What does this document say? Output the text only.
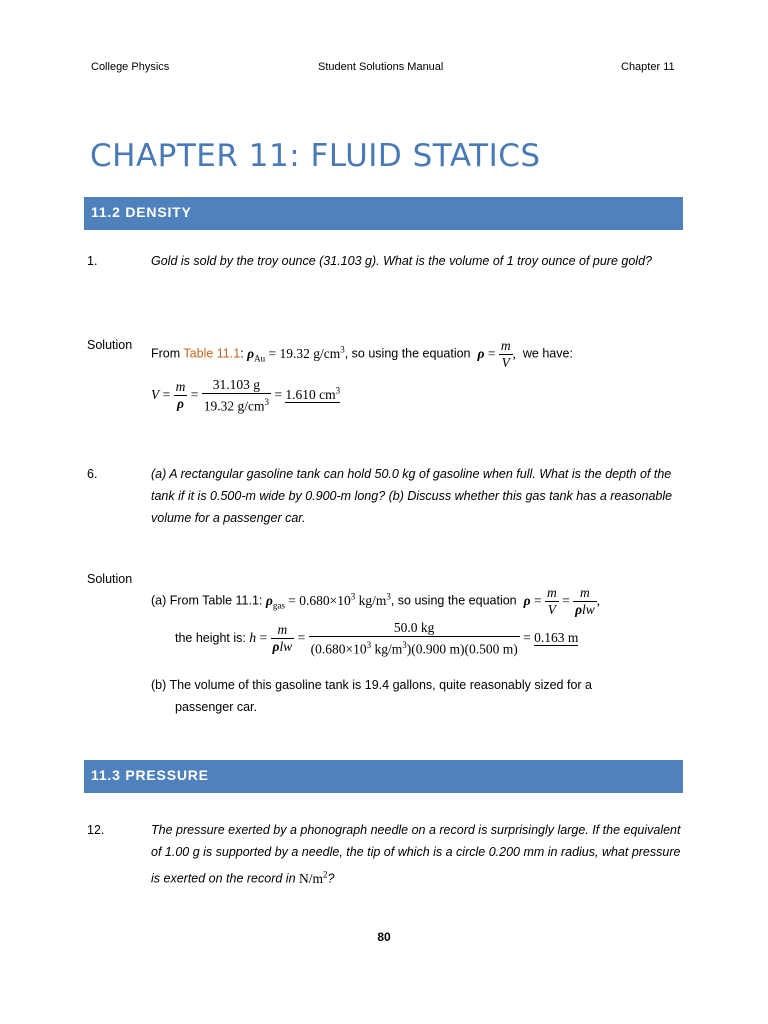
College Physics	Student Solutions Manual	Chapter 11
CHAPTER 11: FLUID STATICS
11.2 DENSITY
1.	Gold is sold by the troy ounce (31.103 g). What is the volume of 1 troy ounce of pure gold?
Solution
From Table 11.1: $\rho_{Au} = 19.32$ $g/cm^3$, so using the equation $\rho = \frac{m}{V}$ , we have:
$V = \frac{m}{\rho} = \frac{31.103 g}{19.32 g/cm^3} = 1.610$ $cm^3$
6.	(a) A rectangular gasoline tank can hold 50.0 kg of gasoline when full. What is the depth of the tank if it is 0.500-m wide by 0.900-m long? (b) Discuss whether this gas tank has a reasonable volume for a passenger car.
Solution
(a) From Table 11.1: $\rho_{gas} = 0.680\times 10^3$ $kg/m^3$, so using the equation $\rho = \frac{m}{V} = \frac{m}{\text{ρlw}}$ ,
the height is: $h = \frac{m}{\text{ρlw}} = \frac{50.0 kg}{(0.680\times 10^3 kg/m^3)(0.900 m)(0.500 m)} = 0.163$ m
(b) The volume of this gasoline tank is 19.4 gallons, quite reasonably sized for a
passenger car.
11.3 PRESSURE
12.	The pressure exerted by a phonograph needle on a record is surprisingly large. If the equivalent of 1.00 g is supported by a needle, the tip of which is a circle 0.200 mm in radius, what pressure is exerted on the record in $N/m^2$?
80
